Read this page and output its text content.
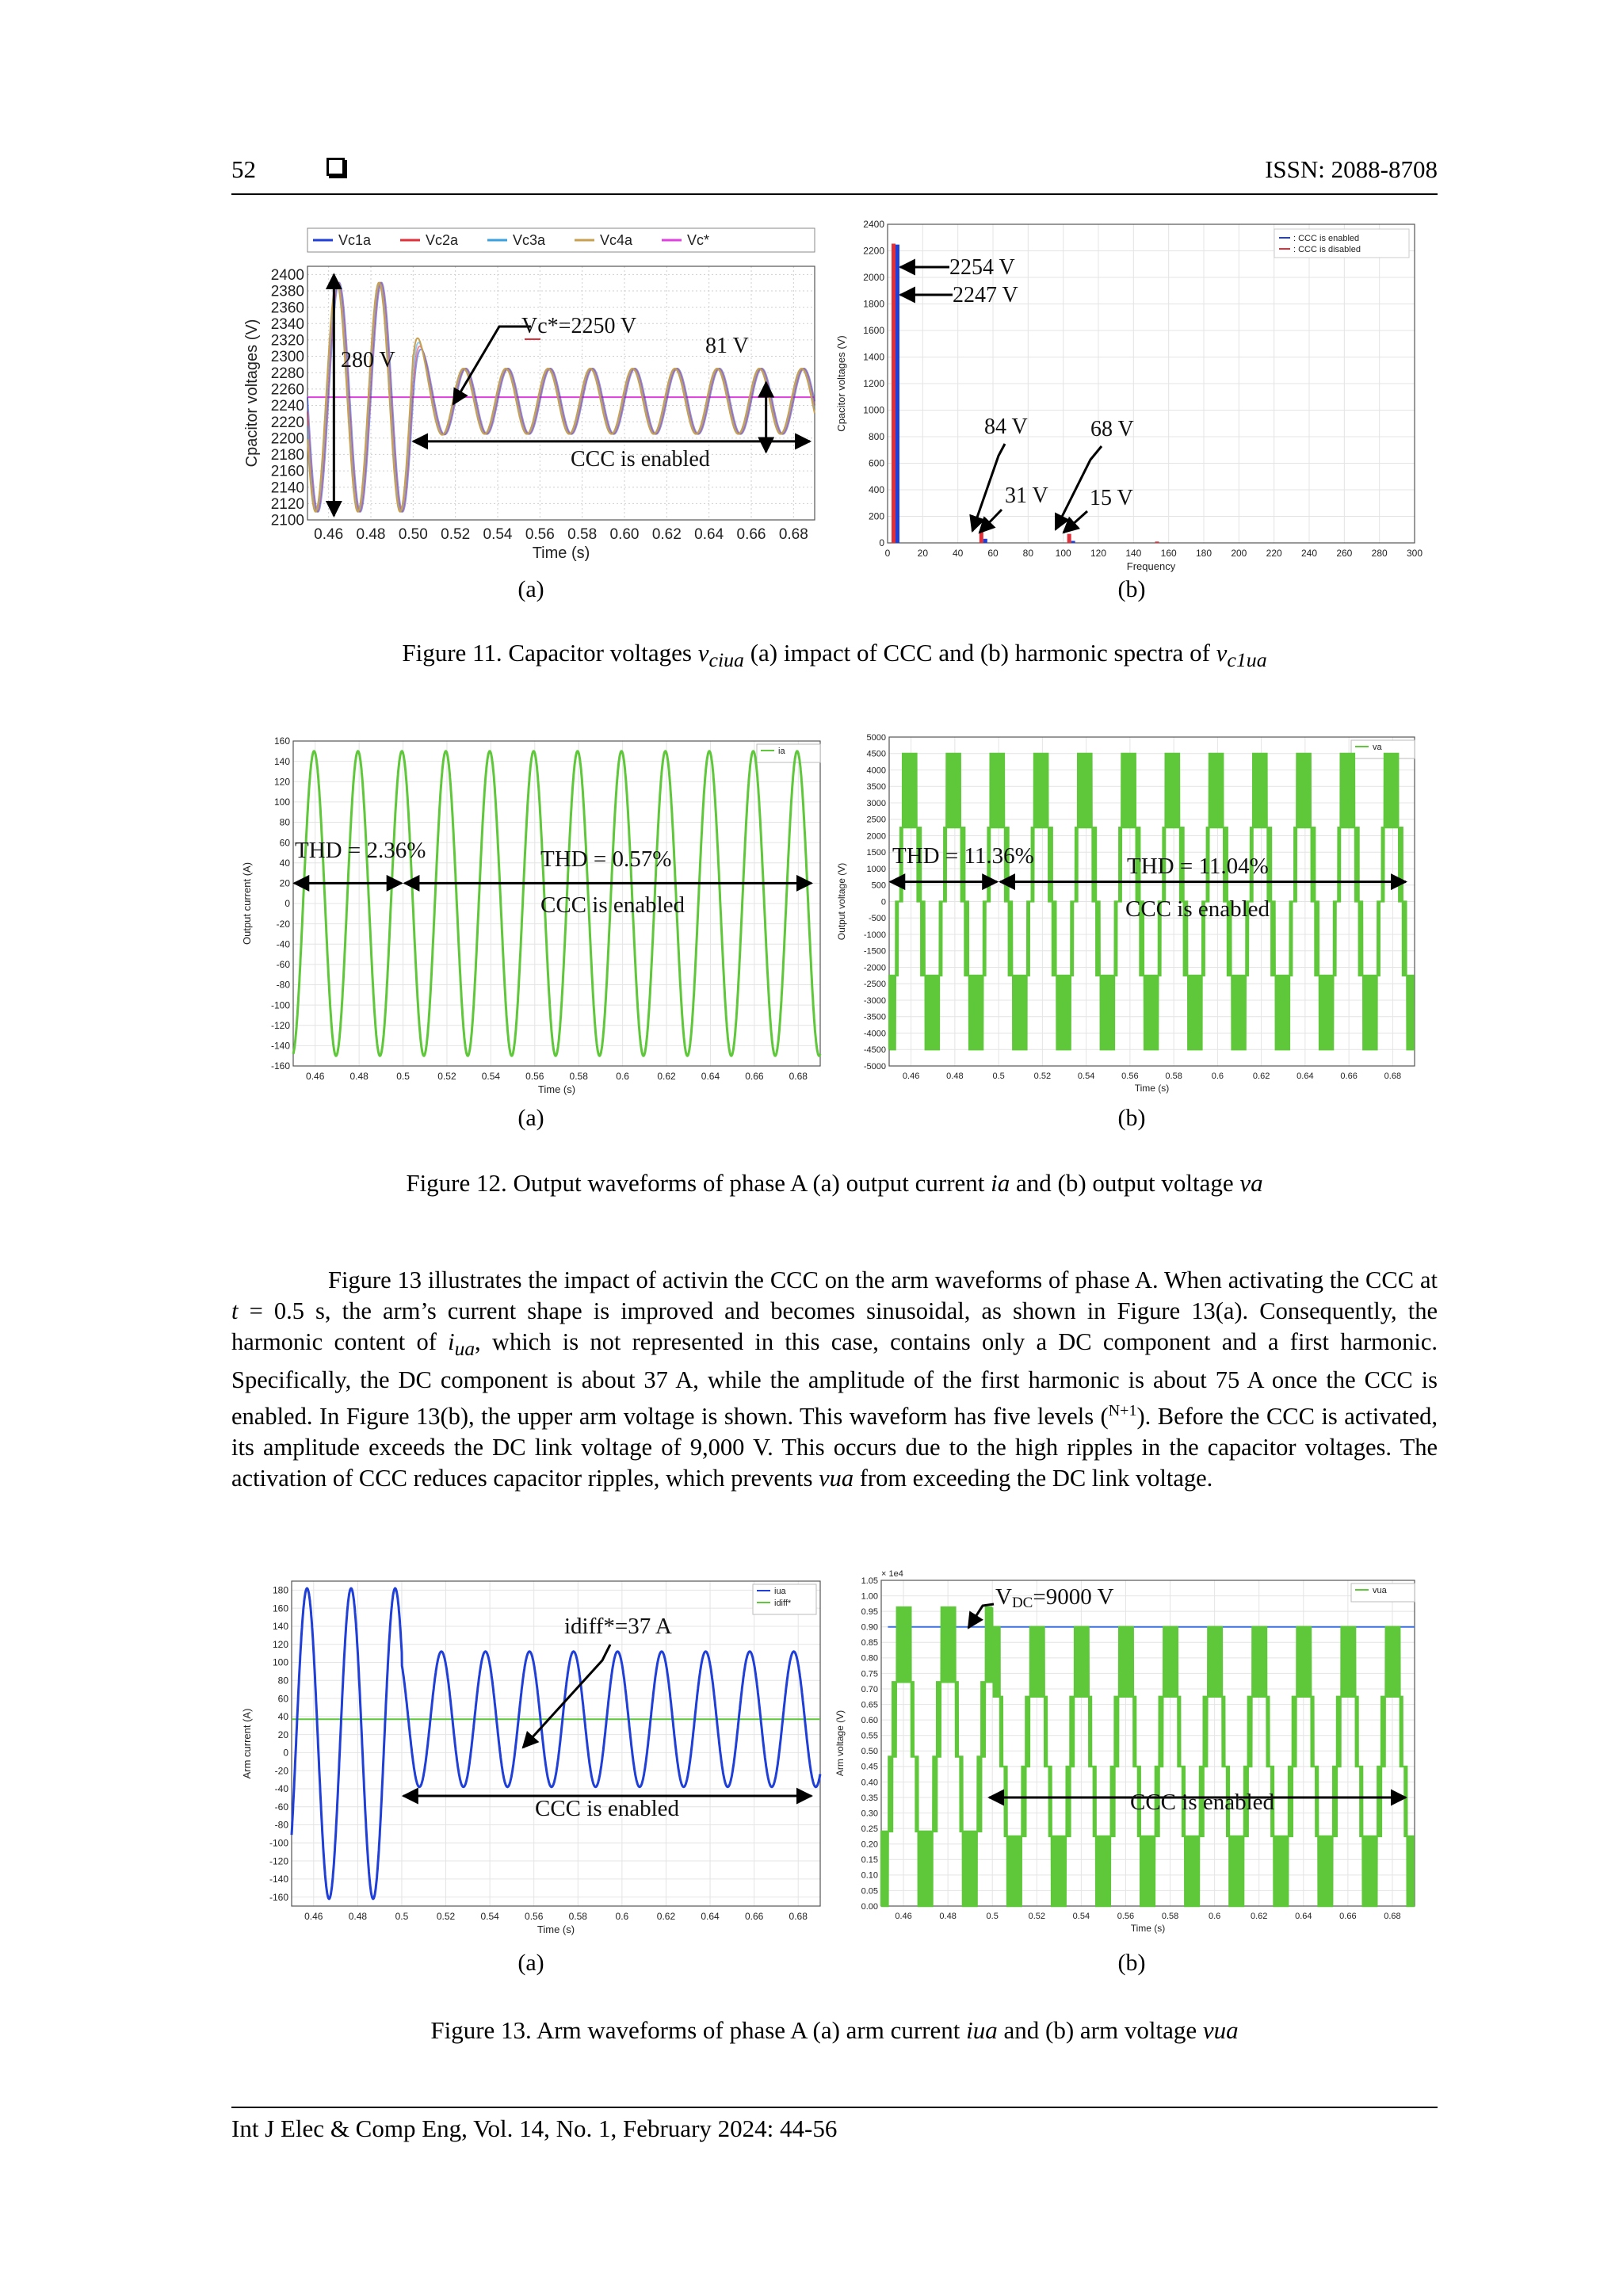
52	ISSN: 2088-8708
0.46 0.48 0.50 0.52 0.54 0.56 0.58 0.60 0.62 0.64 0.66 0.68
2100
2120
2140
2160
2180
2200
2220
2240
2260
2280
2300
2320
2340
2360
2380
2400
Time (s)
Cpacitor voltages (V)
Vc1a	Vc2a	Vc3a	Vc4a	Vc*
280 V
Vc*=2250 V
81 V
CCC is enabled
0	20	40	60	80 100 120 140 160 180 200 220 240 260 280 300
0
200
400
600
800
1000
1200
1400
1600
1800
2000
2200
2400
Frequency
Cpacitor voltages (V)
: CCC is enabled
: CCC is disabled
2254 V
2247 V
84 V
31 V
68 V
15 V
(a)	(b)
Figure 11. Capacitor voltages $v_{ciua}$ (a) impact of CCC and (b) harmonic spectra of $v_{c1ua}$
0.46	0.48	0.5	0.52	0.54	0.56	0.58	0.6	0.62	0.64	0.66	0.68
-160
-140
-120
-100
-80
-60
-40
-20
0
20
40
60
80
100
120
140
160
Time (s)
Output current (A)
ia
THD = 2.36%	THD = 0.57%
CCC is enabled
0.46	0.48	0.5	0.52	0.54	0.56	0.58	0.6	0.62	0.64	0.66	0.68
-5000
-4500
-4000
-3500
-3000
-2500
-2000
-1500
-1000
-500
0
500
1000
1500
2000
2500
3000
3500
4000
4500
5000
Time (s)
Output voltage (V)
va
THD = 11.36%	THD = 11.04%
CCC is enabled
(a)	(b)
Figure 12. Output waveforms of phase A (a) output current ia and (b) output voltage va

Figure 13 illustrates the impact of activin the CCC on the arm waveforms of phase A. When activating the CCC at t = 0.5 s, the arm’s current shape is improved and becomes sinusoidal, as shown in Figure 13(a). Consequently, the harmonic content of $i_{ua}$, which is not represented in this case, contains only a DC component and a first harmonic. Specifically, the DC component is about 37 A, while the amplitude of the first harmonic is about 75 A once the CCC is enabled. In Figure 13(b), the upper arm voltage is shown. This waveform has five levels ($^{N+1}$). Before the CCC is activated, its amplitude exceeds the DC link voltage of 9,000 V. This occurs due to the high ripples in the capacitor voltages. The activation of CCC reduces capacitor ripples, which prevents vua from exceeding the DC link voltage.

0.46	0.48	0.5	0.52	0.54	0.56	0.58	0.6	0.62	0.64	0.66	0.68
-160
-140
-120
-100
-80
-60
-40
-20
0
20
40
60
80
100
120
140
160
180
Time (s)
Arm current (A)
iua
idiff*
idiff*=37 A
CCC is enabled
0.46	0.48	0.5	0.52	0.54	0.56	0.58	0.6	0.62	0.64	0.66	0.68
0.00
0.05
0.10
0.15
0.20
0.25
0.30
0.35
0.40
0.45
0.50
0.55
0.60
0.65
0.70
0.75
0.80
0.85
0.90
0.95
1.00
1.05
Time (s)
Arm voltage (V)
× 1e4
vua
VDC=9000 V
CCC is enabled
(a)	(b)
Figure 13. Arm waveforms of phase A (a) arm current iua and (b) arm voltage vua
Int J Elec & Comp Eng, Vol. 14, No. 1, February 2024: 44-56
